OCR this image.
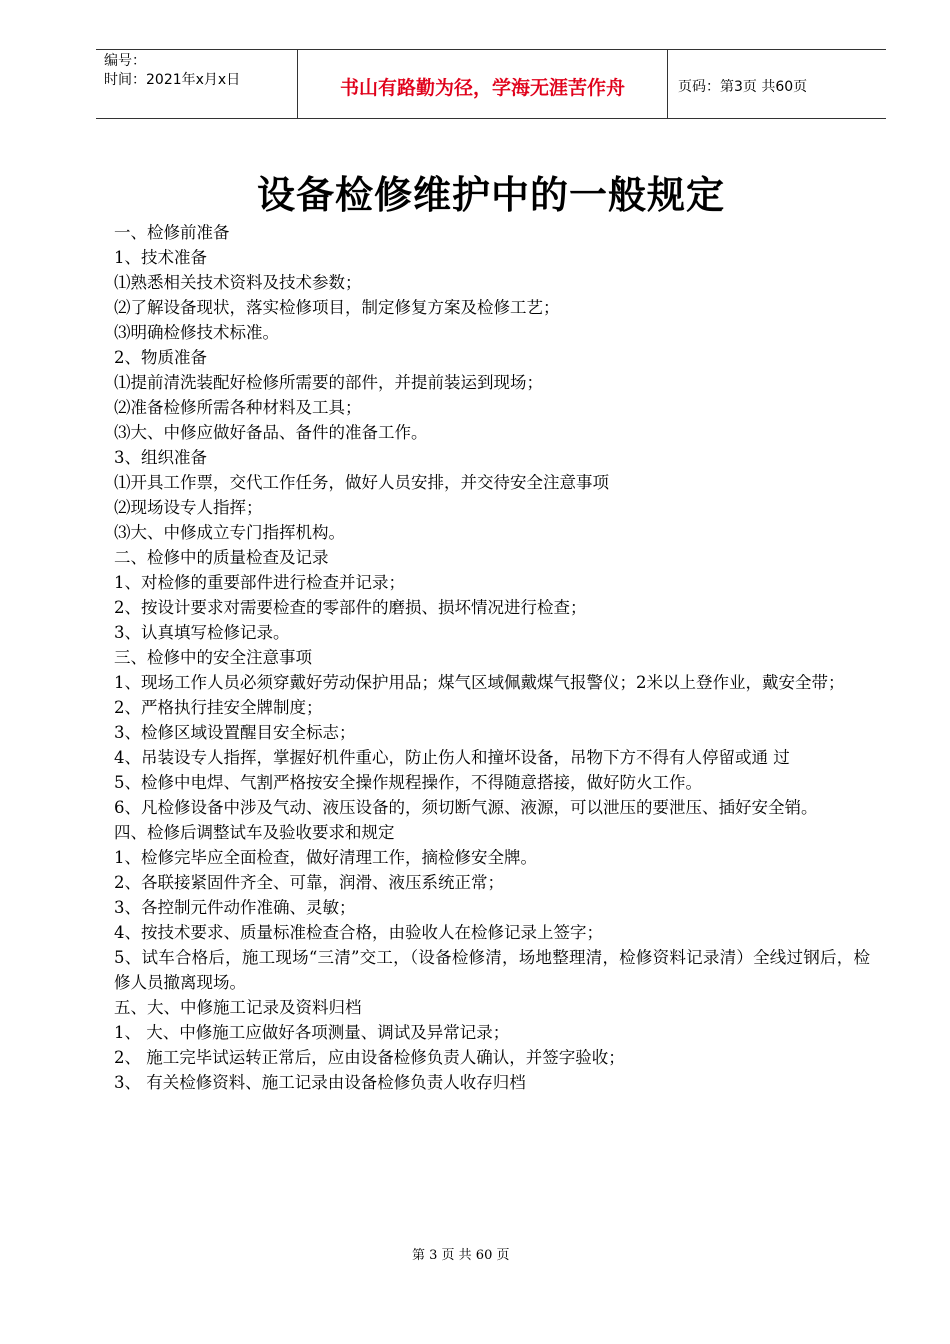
编号：
时间：2021年x月x日	书山有路勤为径，学海无涯苦作舟	页码：第3页 共60页
设备检修维护中的一般规定
一、检修前准备
1、技术准备
⑴熟悉相关技术资料及技术参数；
⑵了解设备现状，落实检修项目，制定修复方案及检修工艺；
⑶明确检修技术标准。
2、物质准备
⑴提前清洗装配好检修所需要的部件，并提前装运到现场；
⑵准备检修所需各种材料及工具；
⑶大、中修应做好备品、备件的准备工作。
3、组织准备
⑴开具工作票，交代工作任务，做好人员安排，并交待安全注意事项
⑵现场设专人指挥；
⑶大、中修成立专门指挥机构。
二、检修中的质量检查及记录
1、对检修的重要部件进行检查并记录；
2、按设计要求对需要检查的零部件的磨损、损坏情况进行检查；
3、认真填写检修记录。
三、检修中的安全注意事项
1、现场工作人员必须穿戴好劳动保护用品；煤气区域佩戴煤气报警仪；2米以上登作业，戴安全带；
2、严格执行挂安全牌制度；
3、检修区域设置醒目安全标志；
4、吊装设专人指挥，掌握好机件重心，防止伤人和撞坏设备，吊物下方不得有人停留或通 过
5、检修中电焊、气割严格按安全操作规程操作，不得随意搭接，做好防火工作。
6、凡检修设备中涉及气动、液压设备的，须切断气源、液源，可以泄压的要泄压、插好安全销。
四、检修后调整试车及验收要求和规定
1、检修完毕应全面检查，做好清理工作，摘检修安全牌。
2、各联接紧固件齐全、可靠，润滑、液压系统正常；
3、各控制元件动作准确、灵敏；
4、按技术要求、质量标准检查合格，由验收人在检修记录上签字；
5、试车合格后，施工现场“三清”交工，（设备检修清，场地整理清，检修资料记录清）全线过钢后，检修人员撤离现场。
五、大、中修施工记录及资料归档
1、 大、中修施工应做好各项测量、调试及异常记录；
2、 施工完毕试运转正常后，应由设备检修负责人确认，并签字验收；
3、 有关检修资料、施工记录由设备检修负责人收存归档
第 3 页 共 60 页
